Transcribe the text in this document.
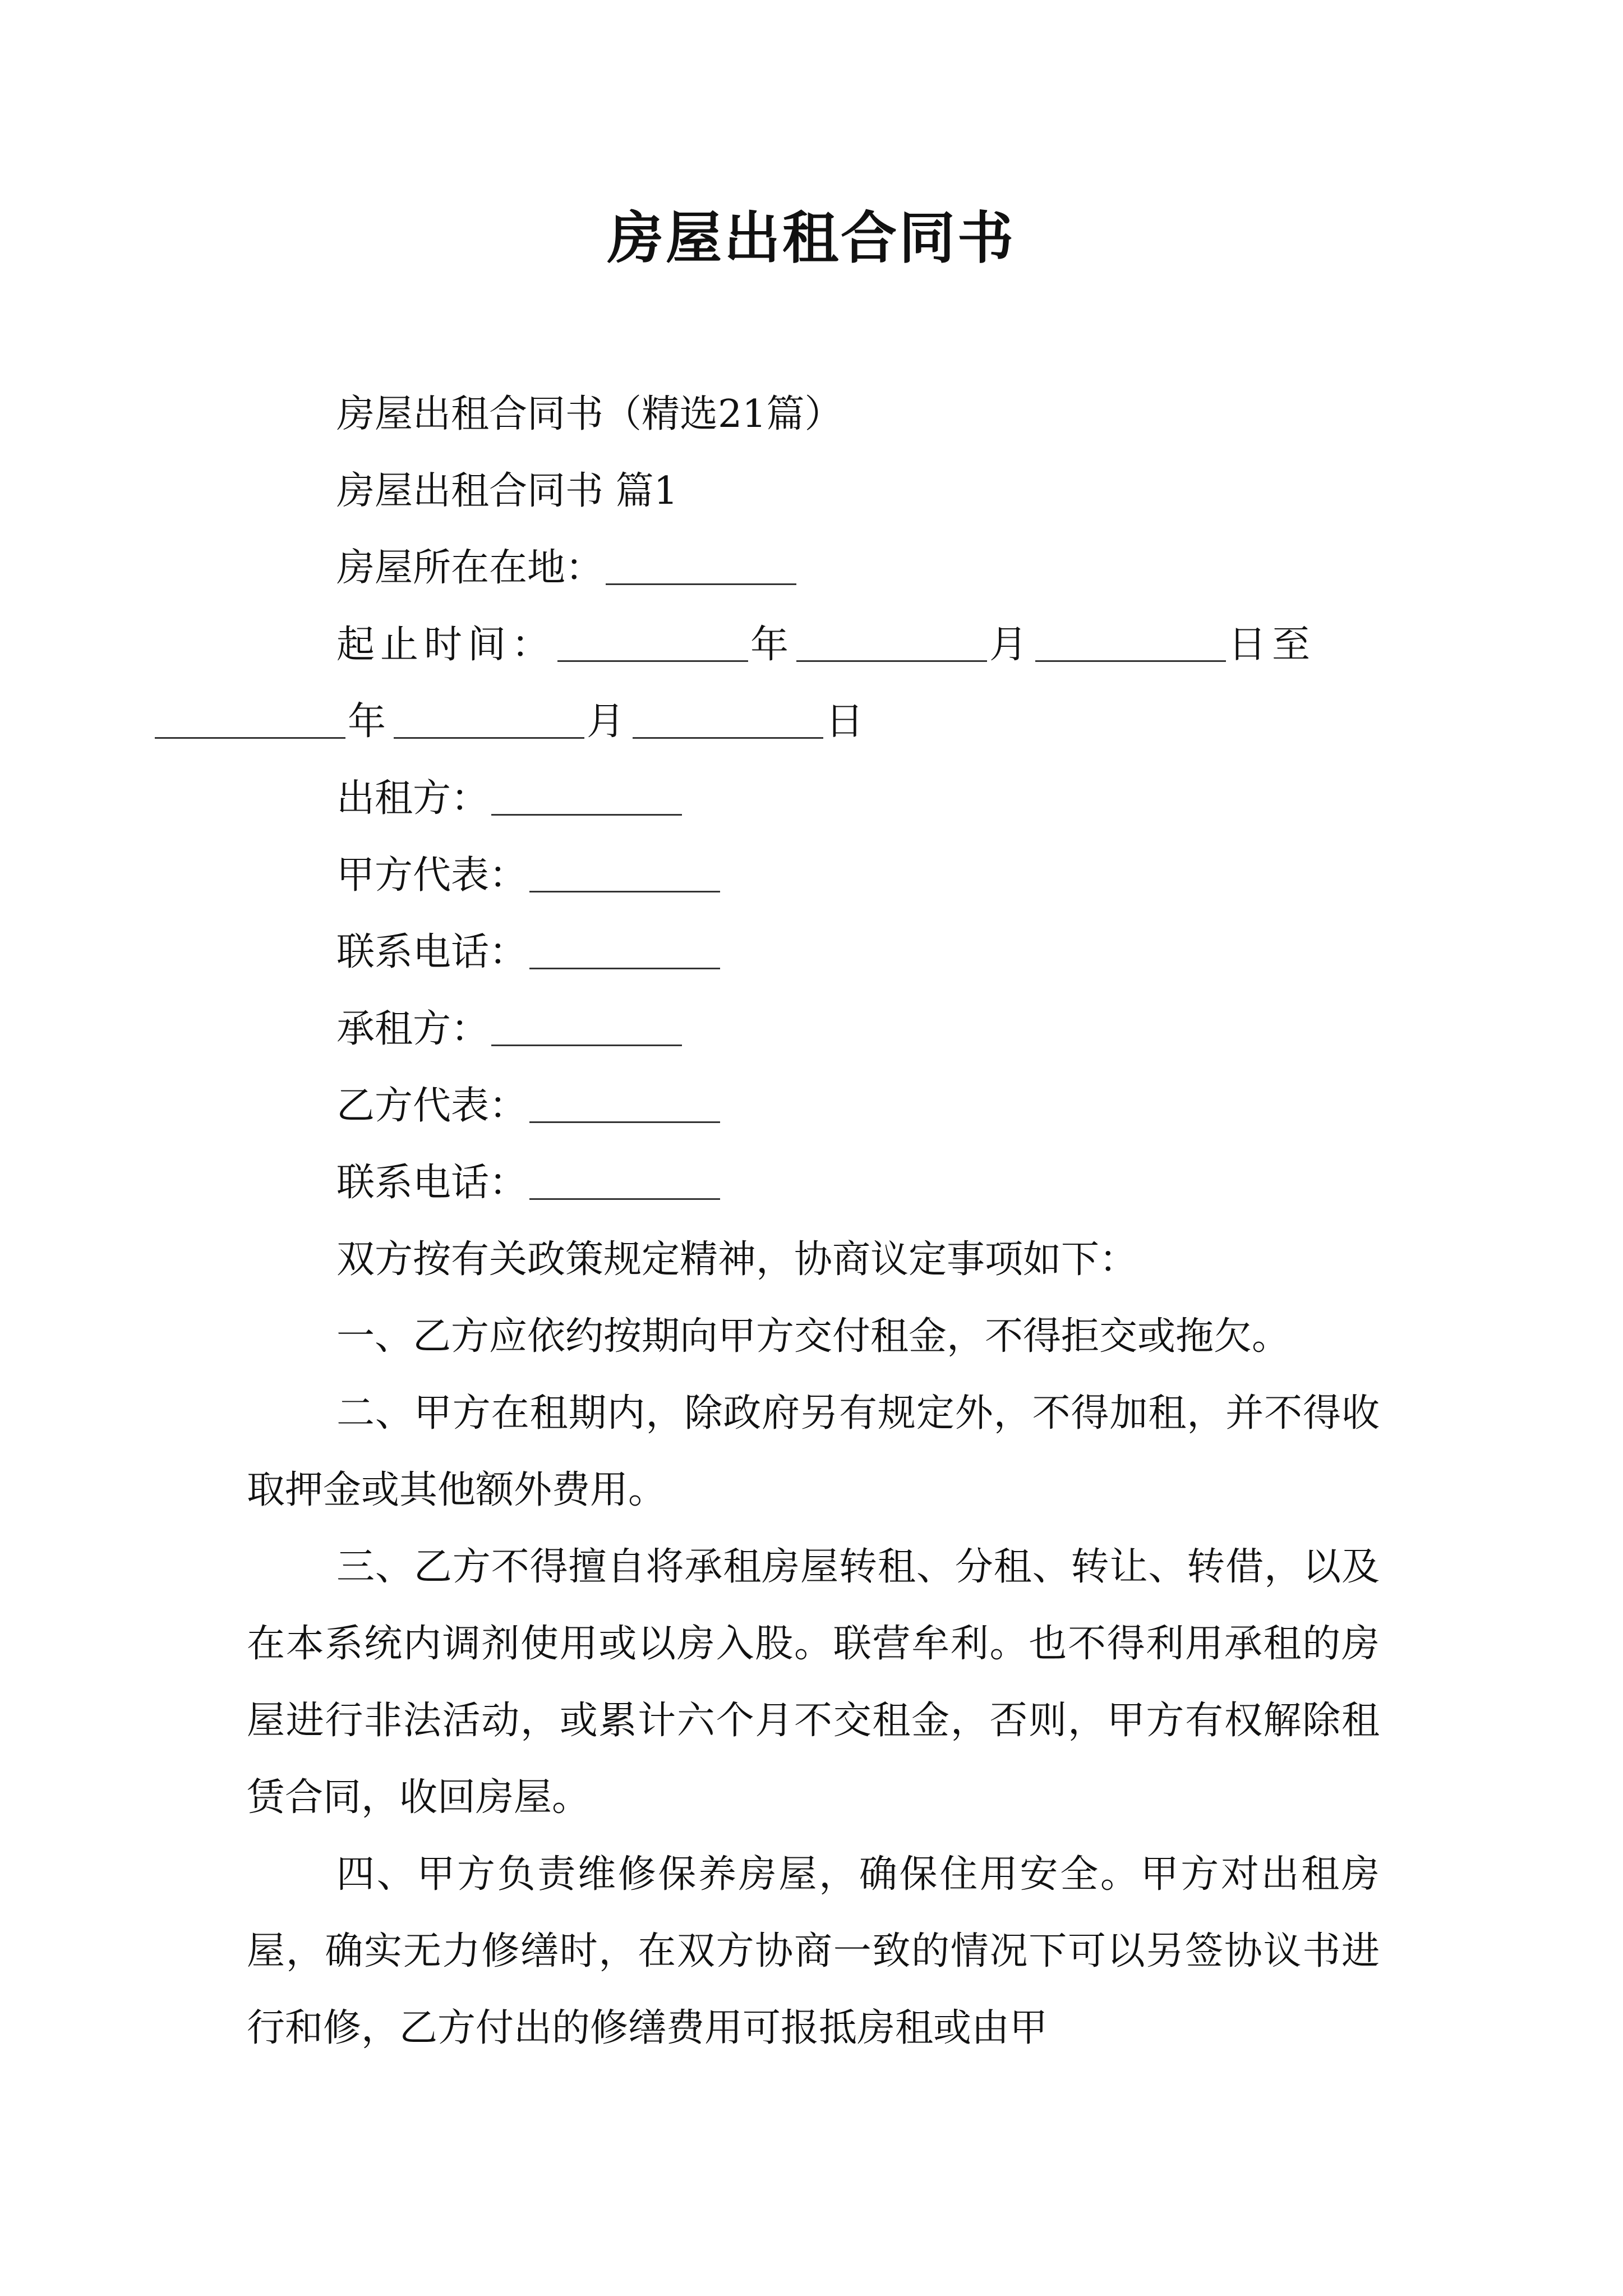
房屋出租合同书

房屋出租合同书（精选21篇）

房屋出租合同书 篇1

房屋所在在地：

起止时间：	年	月	日至
年	月	日

出租方：

甲方代表：

联系电话：

承租方：

乙方代表：

联系电话：

双方按有关政策规定精神，协商议定事项如下：

一、乙方应依约按期向甲方交付租金，不得拒交或拖欠。

二、甲方在租期内，除政府另有规定外，不得加租，并不得收取押金或其他额外费用。

三、乙方不得擅自将承租房屋转租、分租、转让、转借，以及在本系统内调剂使用或以房入股。联营牟利。也不得利用承租的房屋进行非法活动，或累计六个月不交租金，否则，甲方有权解除租赁合同，收回房屋。

四、甲方负责维修保养房屋，确保住用安全。甲方对出租房屋，确实无力修缮时，在双方协商一致的情况下可以另签协议书进行和修，乙方付出的修缮费用可报抵房租或由甲
